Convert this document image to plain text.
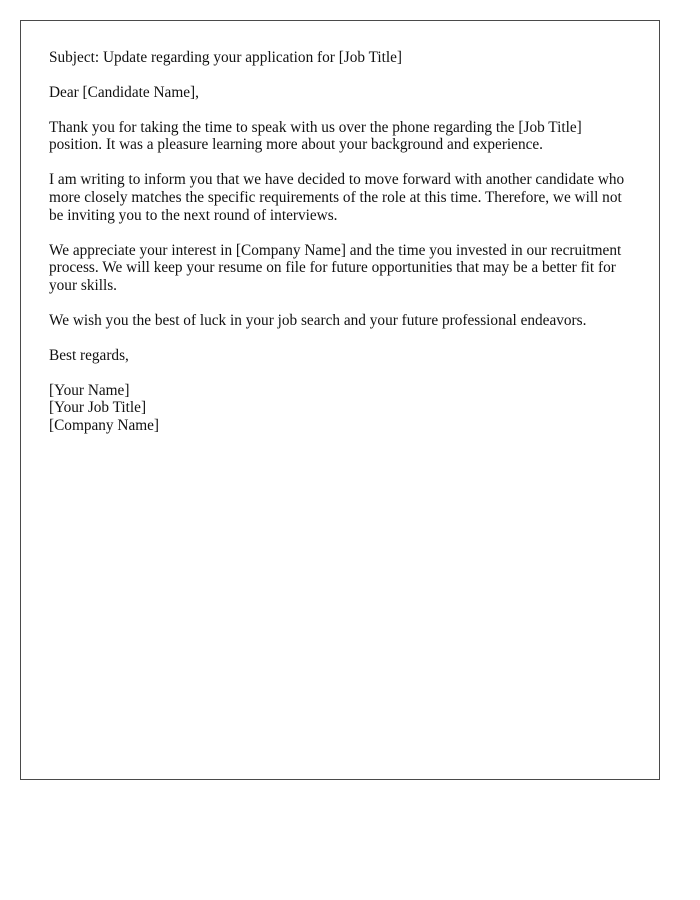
Subject: Update regarding your application for [Job Title]

Dear [Candidate Name],

Thank you for taking the time to speak with us over the phone regarding the [Job Title] position. It was a pleasure learning more about your background and experience.

I am writing to inform you that we have decided to move forward with another candidate who more closely matches the specific requirements of the role at this time. Therefore, we will not be inviting you to the next round of interviews.

We appreciate your interest in [Company Name] and the time you invested in our recruitment process. We will keep your resume on file for future opportunities that may be a better fit for your skills.

We wish you the best of luck in your job search and your future professional endeavors.

Best regards,

[Your Name]
[Your Job Title]
[Company Name]
